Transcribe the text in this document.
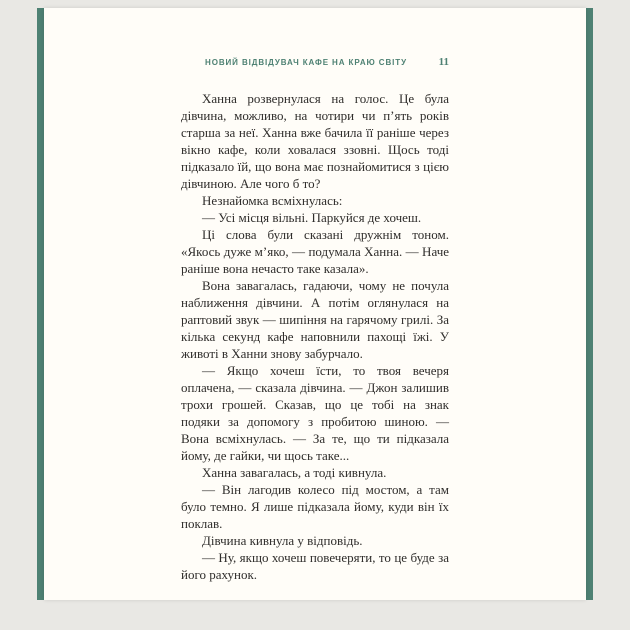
НОВИЙ ВІДВІДУВАЧ КАФЕ НА КРАЮ СВІТУ	11

Ханна розвернулася на голос. Це була дівчина, можливо, на чотири чи п’ять років старша за неї. Ханна вже бачила її раніше через вікно кафе, коли ховалася ззовні. Щось тоді підказало їй, що вона має познайомитися з цією дівчиною. Але чого б то?

Незнайомка всміхнулась:

— Усі місця вільні. Паркуйся де хочеш.

Ці слова були сказані дружнім тоном. «Якось дуже м’яко, — подумала Ханна. — Наче раніше вона нечасто таке казала».

Вона завагалась, гадаючи, чому не почула наближення дівчини. А потім оглянулася на раптовий звук — шипіння на гарячому грилі. За кілька секунд кафе наповнили пахощі їжі. У животі в Ханни знову забурчало.

— Якщо хочеш їсти, то твоя вечеря оплачена, — сказала дівчина. — Джон залишив трохи грошей. Сказав, що це тобі на знак подяки за допомогу з пробитою шиною. — Вона всміхнулась. — За те, що ти підказала йому, де гайки, чи щось таке...

Ханна завагалась, а тоді кивнула.

— Він лагодив колесо під мостом, а там було темно. Я лише підказала йому, куди він їх поклав.

Дівчина кивнула у відповідь.

— Ну, якщо хочеш повечеряти, то це буде за його рахунок.
